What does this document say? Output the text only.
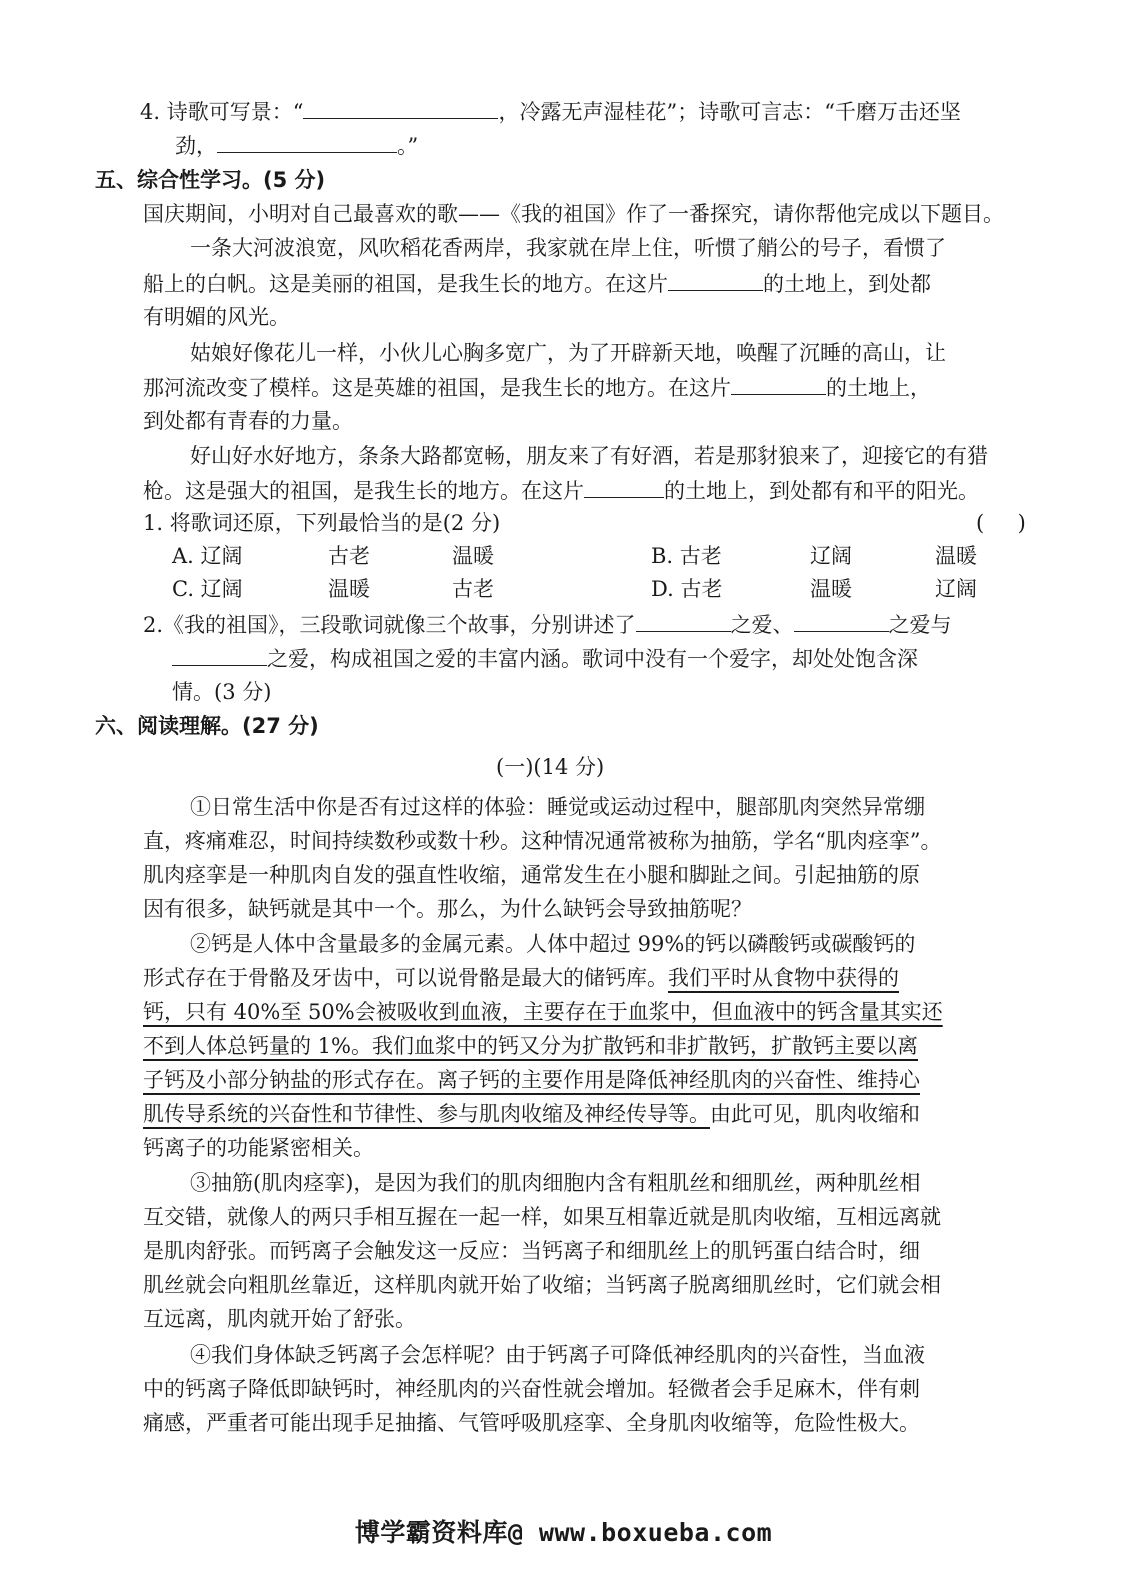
4. 诗歌可写景：“	，冷露无声湿桂花”；诗歌可言志：“千磨万击还坚
劲，	。”
五、综合性学习。(5 分)
国庆期间，小明对自己最喜欢的歌——《我的祖国》作了一番探究，请你帮他完成以下题目。
一条大河波浪宽，风吹稻花香两岸，我家就在岸上住，听惯了艄公的号子，看惯了
船上的白帆。这是美丽的祖国，是我生长的地方。在这片	的土地上，到处都
有明媚的风光。
姑娘好像花儿一样，小伙儿心胸多宽广，为了开辟新天地，唤醒了沉睡的高山，让
那河流改变了模样。这是英雄的祖国，是我生长的地方。在这片	的土地上，
到处都有青春的力量。
好山好水好地方，条条大路都宽畅，朋友来了有好酒，若是那豺狼来了，迎接它的有猎
枪。这是强大的祖国，是我生长的地方。在这片	的土地上，到处都有和平的阳光。
1. 将歌词还原，下列最恰当的是(2 分)	(     )
A. 辽阔	古老	温暖	B. 古老	辽阔	温暖
C. 辽阔	温暖	古老	D. 古老	温暖	辽阔
2.《我的祖国》，三段歌词就像三个故事，分别讲述了	之爱、	之爱与
之爱，构成祖国之爱的丰富内涵。歌词中没有一个爱字，却处处饱含深
情。(3 分)
六、阅读理解。(27 分)
(一)(14 分)
①日常生活中你是否有过这样的体验：睡觉或运动过程中，腿部肌肉突然异常绷
直，疼痛难忍，时间持续数秒或数十秒。这种情况通常被称为抽筋，学名“肌肉痉挛”。
肌肉痉挛是一种肌肉自发的强直性收缩，通常发生在小腿和脚趾之间。引起抽筋的原
因有很多，缺钙就是其中一个。那么，为什么缺钙会导致抽筋呢？
②钙是人体中含量最多的金属元素。人体中超过 99%的钙以磷酸钙或碳酸钙的
形式存在于骨骼及牙齿中，可以说骨骼是最大的储钙库。我们平时从食物中获得的
钙，只有 40%至 50%会被吸收到血液，主要存在于血浆中，但血液中的钙含量其实还
不到人体总钙量的 1%。我们血浆中的钙又分为扩散钙和非扩散钙，扩散钙主要以离
子钙及小部分钠盐的形式存在。离子钙的主要作用是降低神经肌肉的兴奋性、维持心
肌传导系统的兴奋性和节律性、参与肌肉收缩及神经传导等。由此可见，肌肉收缩和
钙离子的功能紧密相关。
③抽筋(肌肉痉挛)，是因为我们的肌肉细胞内含有粗肌丝和细肌丝，两种肌丝相
互交错，就像人的两只手相互握在一起一样，如果互相靠近就是肌肉收缩，互相远离就
是肌肉舒张。而钙离子会触发这一反应：当钙离子和细肌丝上的肌钙蛋白结合时，细
肌丝就会向粗肌丝靠近，这样肌肉就开始了收缩；当钙离子脱离细肌丝时，它们就会相
互远离，肌肉就开始了舒张。
④我们身体缺乏钙离子会怎样呢？由于钙离子可降低神经肌肉的兴奋性，当血液
中的钙离子降低即缺钙时，神经肌肉的兴奋性就会增加。轻微者会手足麻木，伴有刺
痛感，严重者可能出现手足抽搐、气管呼吸肌痉挛、全身肌肉收缩等，危险性极大。
博学霸资料库@ www.boxueba.com
